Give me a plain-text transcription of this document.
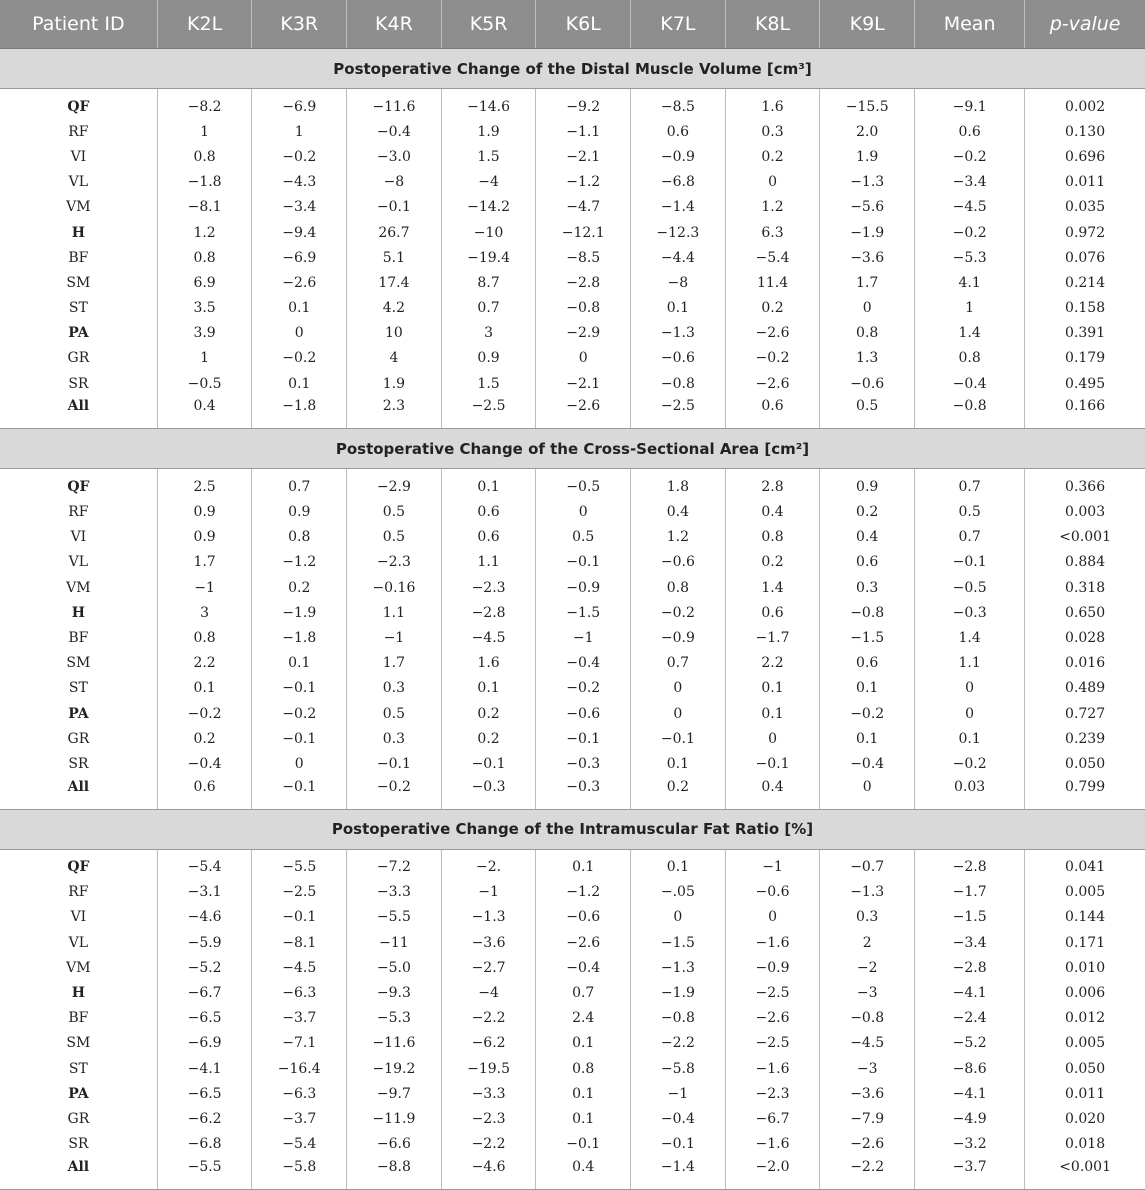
Patient ID	K2L	K3R	K4R	K5R	K6L	K7L	K8L	K9L	Mean	p-value
Postoperative Change of the Distal Muscle Volume [cm³]										

QF	−8.2	−6.9	−11.6	−14.6	−9.2	−8.5	1.6	−15.5	−9.1	0.002
RF	1	1	−0.4	1.9	−1.1	0.6	0.3	2.0	0.6	0.130
VI	0.8	−0.2	−3.0	1.5	−2.1	−0.9	0.2	1.9	−0.2	0.696
VL	−1.8	−4.3	−8	−4	−1.2	−6.8	0	−1.3	−3.4	0.011
VM	−8.1	−3.4	−0.1	−14.2	−4.7	−1.4	1.2	−5.6	−4.5	0.035
H	1.2	−9.4	26.7	−10	−12.1	−12.3	6.3	−1.9	−0.2	0.972
BF	0.8	−6.9	5.1	−19.4	−8.5	−4.4	−5.4	−3.6	−5.3	0.076
SM	6.9	−2.6	17.4	8.7	−2.8	−8	11.4	1.7	4.1	0.214
ST	3.5	0.1	4.2	0.7	−0.8	0.1	0.2	0	1	0.158
PA	3.9	0	10	3	−2.9	−1.3	−2.6	0.8	1.4	0.391
GR	1	−0.2	4	0.9	0	−0.6	−0.2	1.3	0.8	0.179
SR	−0.5	0.1	1.9	1.5	−2.1	−0.8	−2.6	−0.6	−0.4	0.495
All	0.4	−1.8	2.3	−2.5	−2.6	−2.5	0.6	0.5	−0.8	0.166
Postoperative Change of the Cross-Sectional Area [cm²]										

QF	2.5	0.7	−2.9	0.1	−0.5	1.8	2.8	0.9	0.7	0.366
RF	0.9	0.9	0.5	0.6	0	0.4	0.4	0.2	0.5	0.003
VI	0.9	0.8	0.5	0.6	0.5	1.2	0.8	0.4	0.7	<0.001
VL	1.7	−1.2	−2.3	1.1	−0.1	−0.6	0.2	0.6	−0.1	0.884
VM	−1	0.2	−0.16	−2.3	−0.9	0.8	1.4	0.3	−0.5	0.318
H	3	−1.9	1.1	−2.8	−1.5	−0.2	0.6	−0.8	−0.3	0.650
BF	0.8	−1.8	−1	−4.5	−1	−0.9	−1.7	−1.5	1.4	0.028
SM	2.2	0.1	1.7	1.6	−0.4	0.7	2.2	0.6	1.1	0.016
ST	0.1	−0.1	0.3	0.1	−0.2	0	0.1	0.1	0	0.489
PA	−0.2	−0.2	0.5	0.2	−0.6	0	0.1	−0.2	0	0.727
GR	0.2	−0.1	0.3	0.2	−0.1	−0.1	0	0.1	0.1	0.239
SR	−0.4	0	−0.1	−0.1	−0.3	0.1	−0.1	−0.4	−0.2	0.050
All	0.6	−0.1	−0.2	−0.3	−0.3	0.2	0.4	0	0.03	0.799
Postoperative Change of the Intramuscular Fat Ratio [%]										

QF	−5.4	−5.5	−7.2	−2.	0.1	0.1	−1	−0.7	−2.8	0.041
RF	−3.1	−2.5	−3.3	−1	−1.2	−.05	−0.6	−1.3	−1.7	0.005
VI	−4.6	−0.1	−5.5	−1.3	−0.6	0	0	0.3	−1.5	0.144
VL	−5.9	−8.1	−11	−3.6	−2.6	−1.5	−1.6	2	−3.4	0.171
VM	−5.2	−4.5	−5.0	−2.7	−0.4	−1.3	−0.9	−2	−2.8	0.010
H	−6.7	−6.3	−9.3	−4	0.7	−1.9	−2.5	−3	−4.1	0.006
BF	−6.5	−3.7	−5.3	−2.2	2.4	−0.8	−2.6	−0.8	−2.4	0.012
SM	−6.9	−7.1	−11.6	−6.2	0.1	−2.2	−2.5	−4.5	−5.2	0.005
ST	−4.1	−16.4	−19.2	−19.5	0.8	−5.8	−1.6	−3	−8.6	0.050
PA	−6.5	−6.3	−9.7	−3.3	0.1	−1	−2.3	−3.6	−4.1	0.011
GR	−6.2	−3.7	−11.9	−2.3	0.1	−0.4	−6.7	−7.9	−4.9	0.020
SR	−6.8	−5.4	−6.6	−2.2	−0.1	−0.1	−1.6	−2.6	−3.2	0.018
All	−5.5	−5.8	−8.8	−4.6	0.4	−1.4	−2.0	−2.2	−3.7	<0.001
